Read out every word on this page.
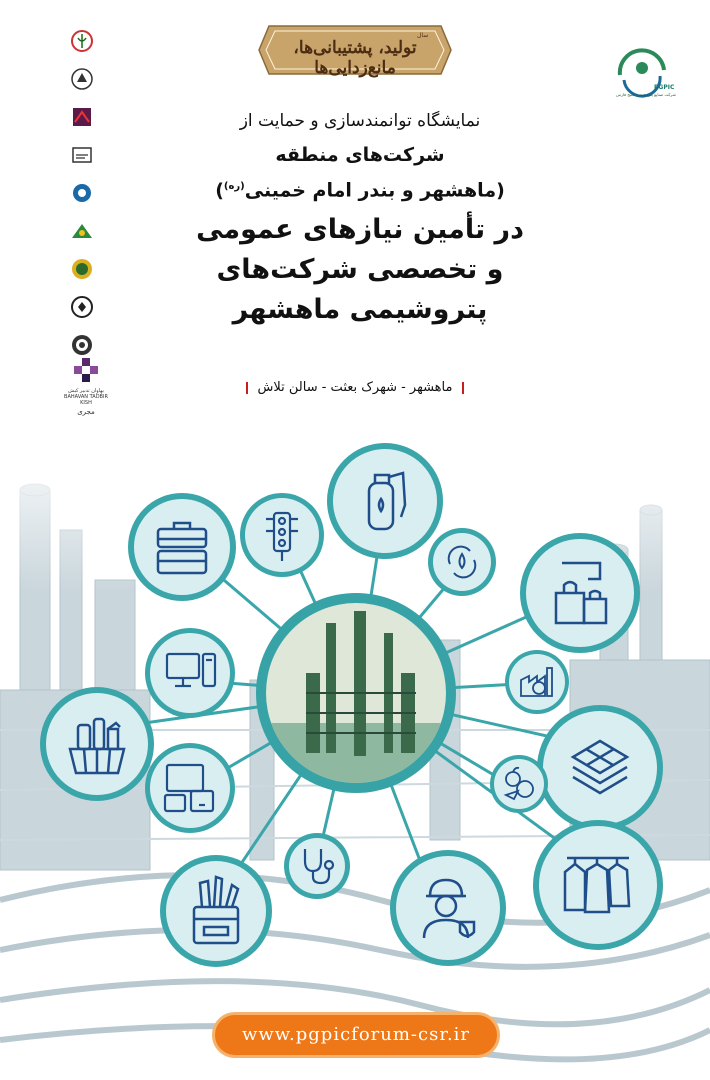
بهاوان تدبیر کیش
BAHAVAN TADBIR KISH
مجری
تولید، پشتیبانی‌ها، مانع‌زدایی‌ها
سال
شرکت صنایع پتروشیمی خلیج فارس
PGPIC

نمایشگاه توانمندسازی و حمایت از

شرکت‌های منطقه

(ماهشهر و بندر امام خمینی$^{(ره)}$)

در تأمین نیازهای عمومی

و تخصصی شرکت‌های

پتروشیمی ماهشهر

ماهشهر - شهرک بعثت - سالن تلاش
www.pgpicforum-csr.ir
